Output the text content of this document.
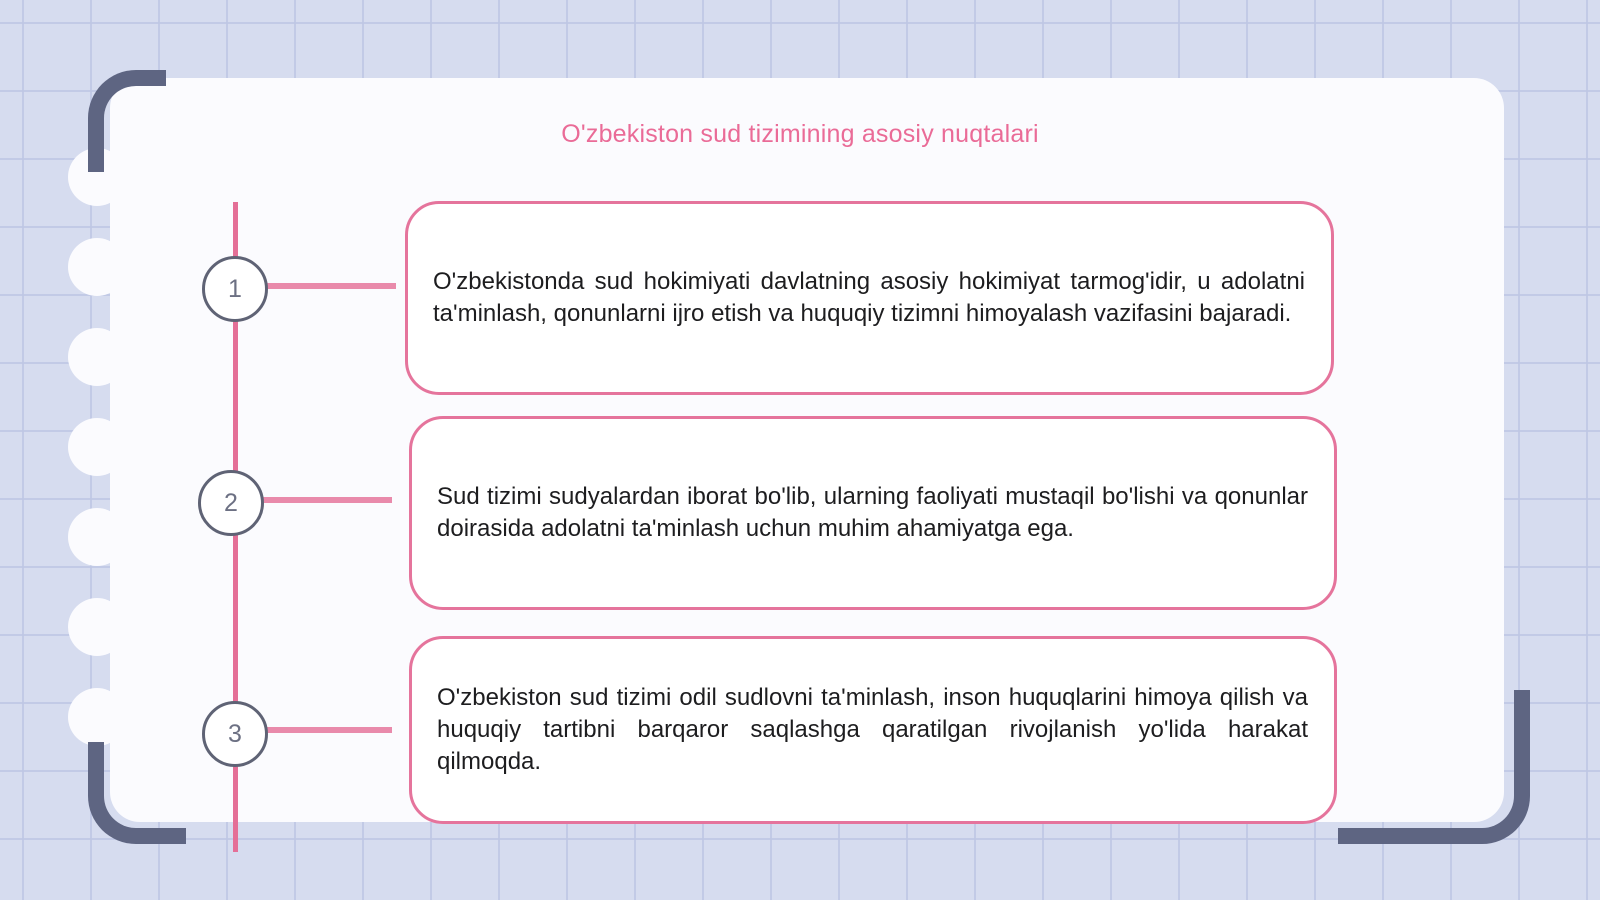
O'zbekiston sud tizimining asosiy nuqtalari
1	O'zbekistonda sud hokimiyati davlatning asosiy hokimiyat tarmog'idir, u adolatni ta'minlash, qonunlarni ijro etish va huquqiy tizimni himoyalash vazifasini bajaradi.

2	Sud tizimi sudyalardan iborat bo'lib, ularning faoliyati mustaqil bo'lishi va qonunlar doirasida adolatni ta'minlash uchun muhim ahamiyatga ega.

3

O'zbekiston sud tizimi odil sudlovni ta'minlash, inson huquqlarini himoya qilish va huquqiy tartibni barqaror saqlashga qaratilgan rivojlanish yo'lida harakat qilmoqda.
